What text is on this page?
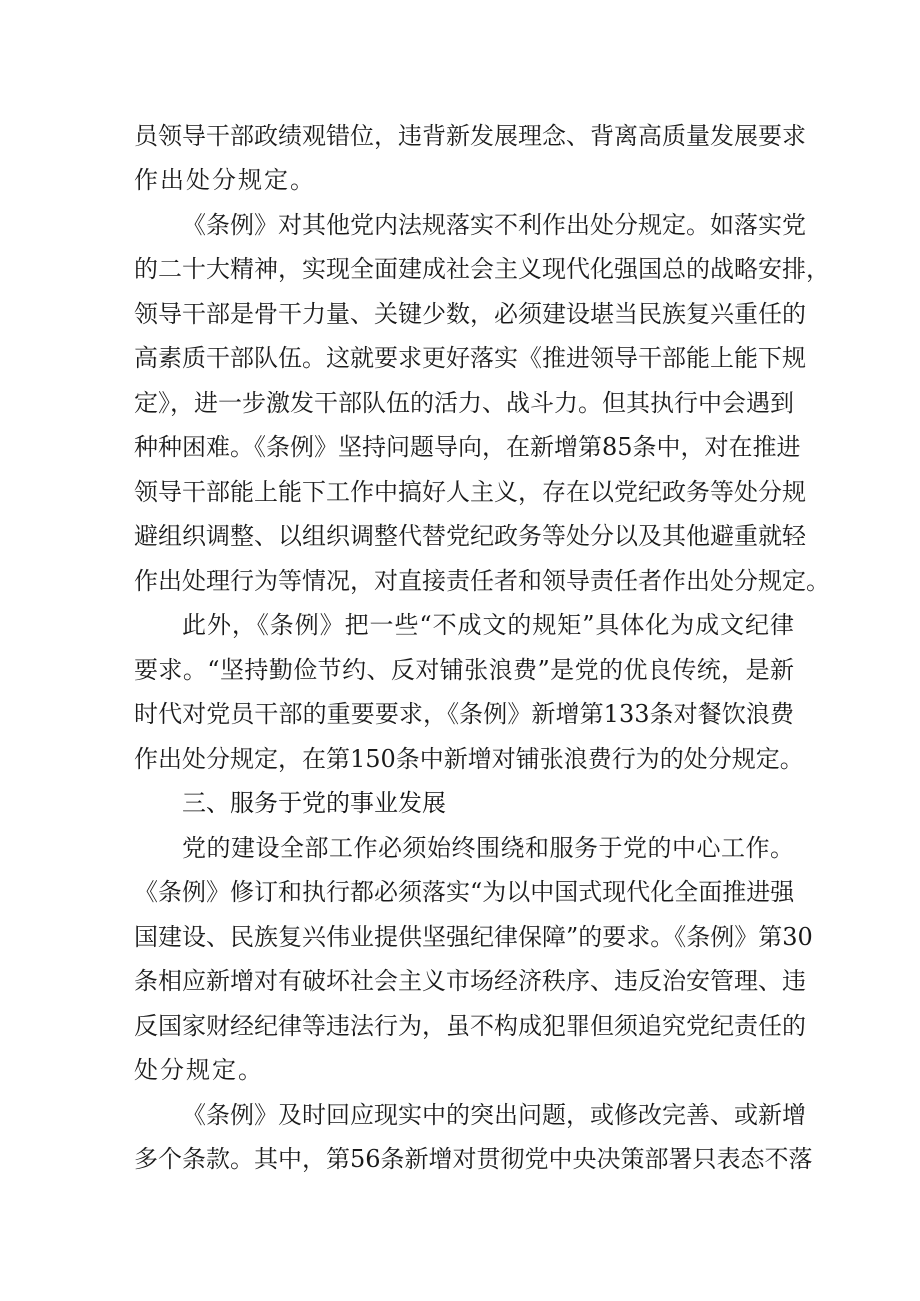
员领导干部政绩观错位，违背新发展理念、背离高质量发展要求
作出处分规定。
《条例》对其他党内法规落实不利作出处分规定。如落实党
的二十大精神，实现全面建成社会主义现代化强国总的战略安排，
领导干部是骨干力量、关键少数，必须建设堪当民族复兴重任的
高素质干部队伍。这就要求更好落实《推进领导干部能上能下规
定》，进一步激发干部队伍的活力、战斗力。但其执行中会遇到
种种困难。《条例》坚持问题导向，在新增第85条中，对在推进
领导干部能上能下工作中搞好人主义，存在以党纪政务等处分规
避组织调整、以组织调整代替党纪政务等处分以及其他避重就轻
作出处理行为等情况，对直接责任者和领导责任者作出处分规定。
此外，《条例》把一些“不成文的规矩”具体化为成文纪律
要求。“坚持勤俭节约、反对铺张浪费”是党的优良传统，是新
时代对党员干部的重要要求，《条例》新增第133条对餐饮浪费
作出处分规定，在第150条中新增对铺张浪费行为的处分规定。
三、服务于党的事业发展
党的建设全部工作必须始终围绕和服务于党的中心工作。
《条例》修订和执行都必须落实“为以中国式现代化全面推进强
国建设、民族复兴伟业提供坚强纪律保障”的要求。《条例》第30
条相应新增对有破坏社会主义市场经济秩序、违反治安管理、违
反国家财经纪律等违法行为，虽不构成犯罪但须追究党纪责任的
处分规定。
《条例》及时回应现实中的突出问题，或修改完善、或新增
多个条款。其中，第56条新增对贯彻党中央决策部署只表态不落
